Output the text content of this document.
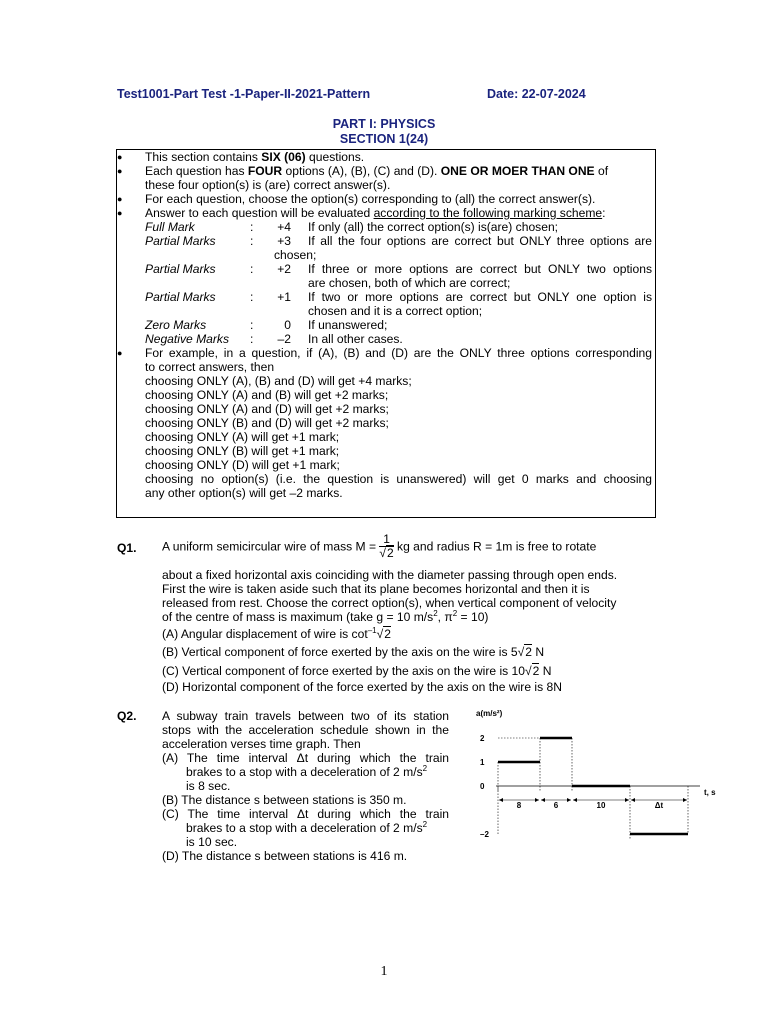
Test1001-Part Test -1-Paper-II-2021-Pattern	Date: 22-07-2024
PART I: PHYSICS
SECTION 1(24)
●
●
●
●
●
This section contains SIX (06) questions.
Each question has FOUR options (A), (B), (C) and (D). ONE OR MOER THAN ONE of
these four option(s) is (are) correct answer(s).
For each question, choose the option(s) corresponding to (all) the correct answer(s).
Answer to each question will be evaluated according to the following marking scheme:
Full Mark	:	+4 If only (all) the correct option(s) is(are) chosen;
Partial Marks	:	+3 If all the four options are correct but ONLY three options are
chosen;
Partial Marks	:	+2 If three or more options are correct but ONLY two options
are chosen, both of which are correct;
Partial Marks	:	+1 If two or more options are correct but ONLY one option is
chosen and it is a correct option;
Zero Marks	:	0 If unanswered;
Negative Marks :	–2 In all other cases.
For example, in a question, if (A), (B) and (D) are the ONLY three options corresponding
to correct answers, then
choosing ONLY (A), (B) and (D) will get +4 marks;
choosing ONLY (A) and (B) will get +2 marks;
choosing ONLY (A) and (D) will get +2 marks;
choosing ONLY (B) and (D) will get +2 marks;
choosing ONLY (A) will get +1 mark;
choosing ONLY (B) will get +1 mark;
choosing ONLY (D) will get +1 mark;
choosing no option(s) (i.e. the question is unanswered) will get 0 marks and choosing
any other option(s) will get –2 marks.
Q1. A uniform semicircular wire of mass $M = \frac{1}{√2}$ kg and radius R = 1m is free to rotate
about a fixed horizontal axis coinciding with the diameter passing through open ends.
First the wire is taken aside such that its plane becomes horizontal and then it is
released from rest. Choose the correct option(s), when vertical component of velocity
of the centre of mass is maximum (take g = 10 $m/s^2$, $\pi^2 = 10$)
(A) Angular displacement of wire is $\cot^{-1}√2$
(B) Vertical component of force exerted by the axis on the wire is 5√2 N
(C) Vertical component of force exerted by the axis on the wire is 10√2 N
(D) Horizontal component of the force exerted by the axis on the wire is 8N
Q2. A subway train travels between two of its station
stops with the acceleration schedule shown in the
acceleration verses time graph. Then
(A) The time interval Δt during which the train
brakes to a stop with a deceleration of 2 $m/s^2$
is 8 sec.
(B) The distance s between stations is 350 m.
(C) The time interval Δt during which the train
brakes to a stop with a deceleration of 2 $m/s^2$
is 10 sec.
(D) The distance s between stations is 416 m.
a(m/s²)
t, s
2
1
0
–2
8	6	10	Δt
1
